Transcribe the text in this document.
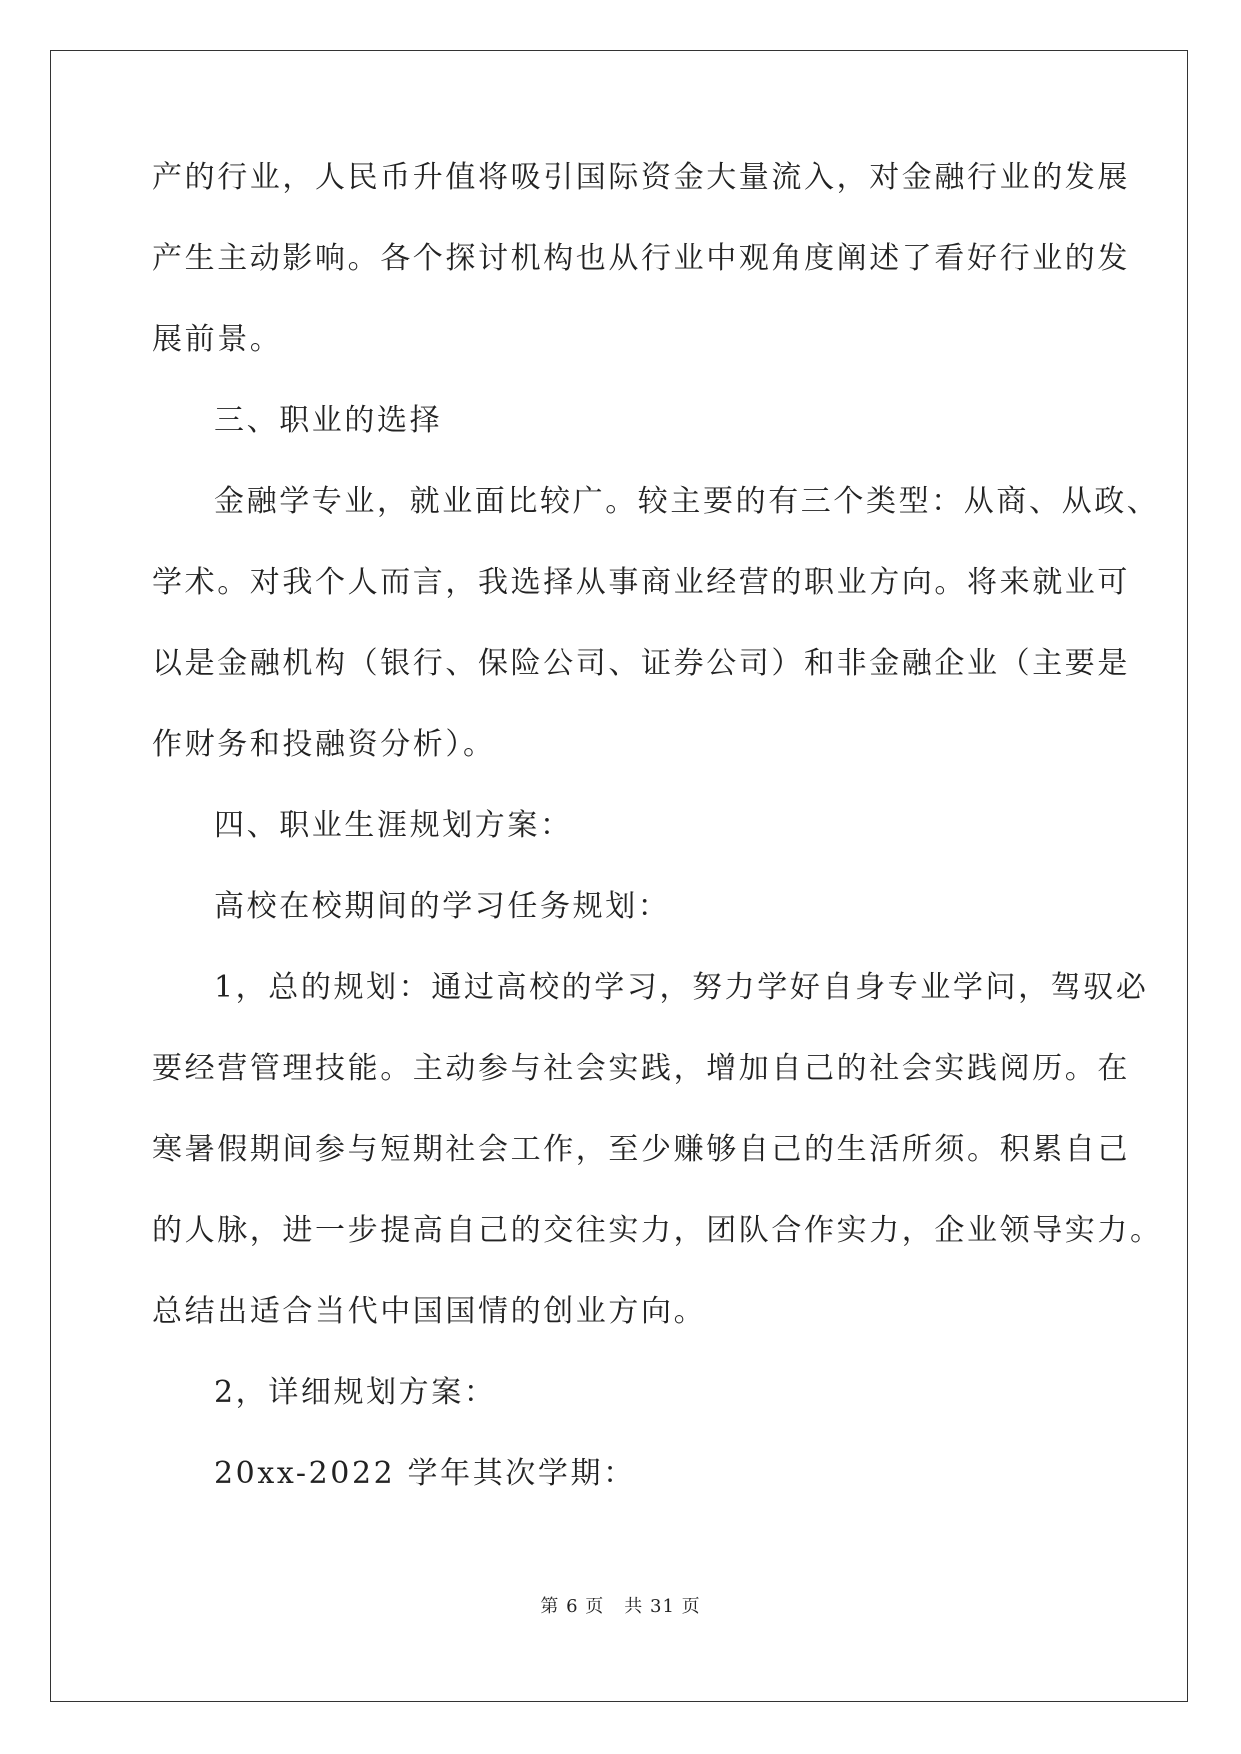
产的行业，人民币升值将吸引国际资金大量流入，对金融行业的发展
产生主动影响。各个探讨机构也从行业中观角度阐述了看好行业的发
展前景。
三、职业的选择
金融学专业，就业面比较广。较主要的有三个类型：从商、从政、
学术。对我个人而言，我选择从事商业经营的职业方向。将来就业可
以是金融机构（银行、保险公司、证券公司）和非金融企业（主要是
作财务和投融资分析）。
四、职业生涯规划方案：
高校在校期间的学习任务规划：
1，总的规划：通过高校的学习，努力学好自身专业学问，驾驭必
要经营管理技能。主动参与社会实践，增加自己的社会实践阅历。在
寒暑假期间参与短期社会工作，至少赚够自己的生活所须。积累自己
的人脉，进一步提高自己的交往实力，团队合作实力，企业领导实力。
总结出适合当代中国国情的创业方向。
2，详细规划方案：
20xx-2022 学年其次学期：
第 6 页 共 31 页
